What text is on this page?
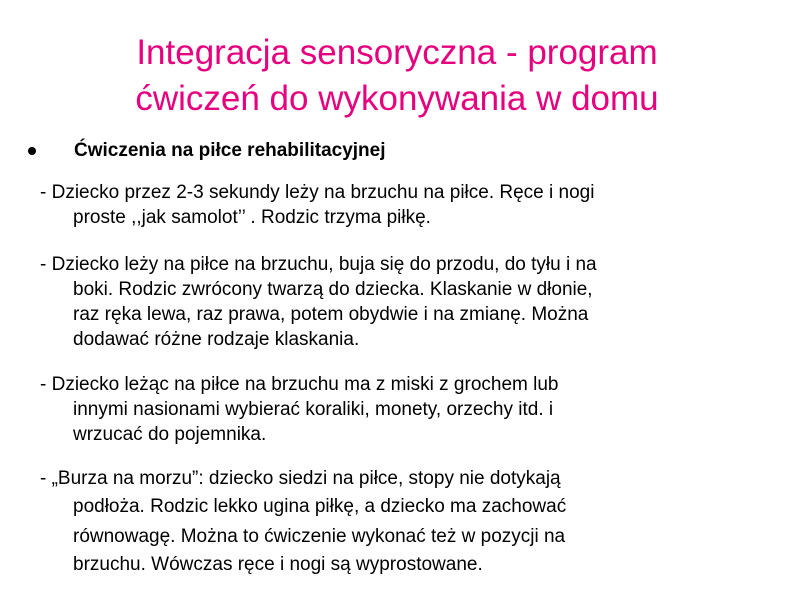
Integracja sensoryczna - program
ćwiczeń do wykonywania w domu
Ćwiczenia na piłce rehabilitacyjnej

- Dziecko przez 2-3 sekundy leży na brzuchu na piłce. Ręce i nogi
proste ,,jak samolot’’ . Rodzic trzyma piłkę.

- Dziecko leży na piłce na brzuchu, buja się do przodu, do tyłu i na
boki. Rodzic zwrócony twarzą do dziecka. Klaskanie w dłonie,
raz ręka lewa, raz prawa, potem obydwie i na zmianę. Można
dodawać różne rodzaje klaskania.

- Dziecko leżąc na piłce na brzuchu ma z miski z grochem lub
innymi nasionami wybierać koraliki, monety, orzechy itd. i
wrzucać do pojemnika.

- „Burza na morzu”: dziecko siedzi na piłce, stopy nie dotykają
podłoża. Rodzic lekko ugina piłkę, a dziecko ma zachować
równowagę. Można to ćwiczenie wykonać też w pozycji na
brzuchu. Wówczas ręce i nogi są wyprostowane.
